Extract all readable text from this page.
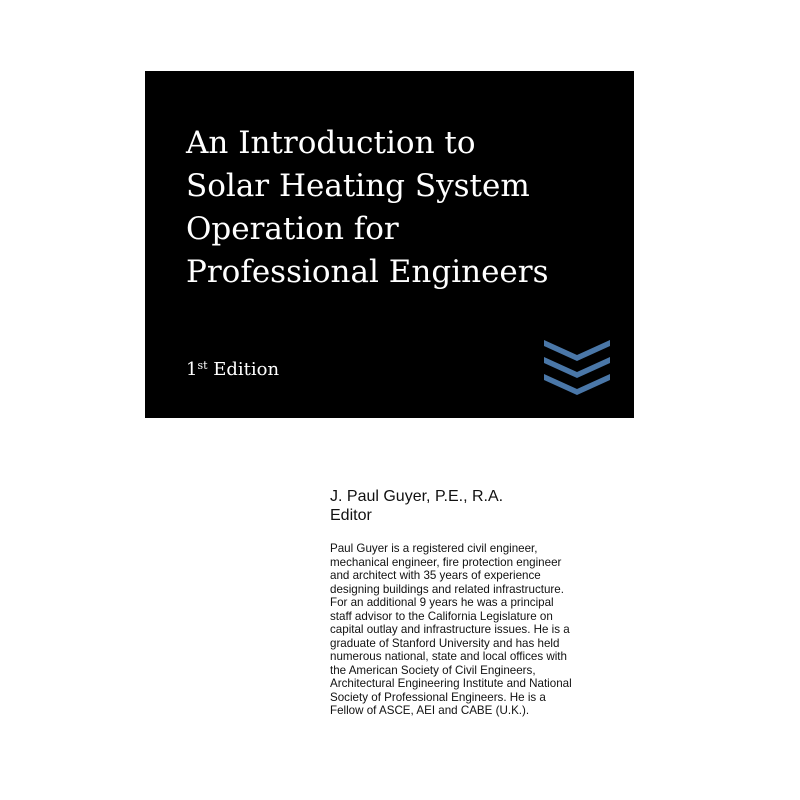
An Introduction to
Solar Heating System
Operation for
Professional Engineers
1st Edition
J. Paul Guyer, P.E., R.A.
Editor
Paul Guyer is a registered civil engineer,
mechanical engineer, fire protection engineer
and architect with 35 years of experience
designing buildings and related infrastructure.
For an additional 9 years he was a principal
staff advisor to the California Legislature on
capital outlay and infrastructure issues. He is a
graduate of Stanford University and has held
numerous national, state and local offices with
the American Society of Civil Engineers,
Architectural Engineering Institute and National
Society of Professional Engineers. He is a
Fellow of ASCE, AEI and CABE (U.K.).
